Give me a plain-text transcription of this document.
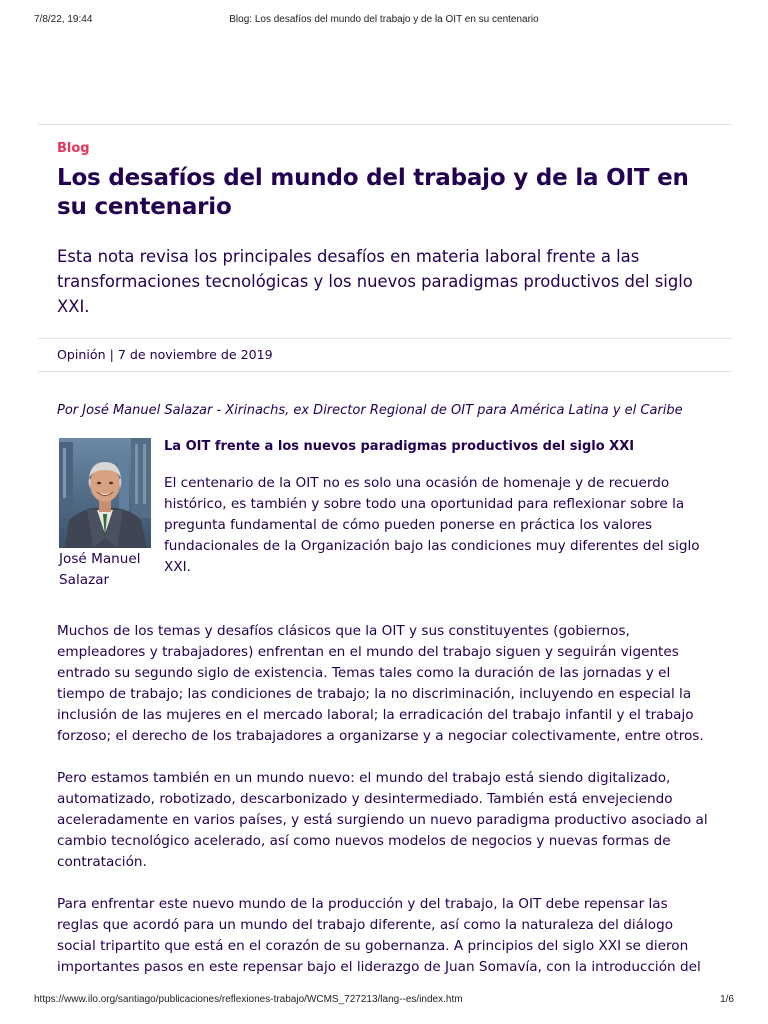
7/8/22, 19:44	Blog: Los desafíos del mundo del trabajo y de la OIT en su centenario
Blog
Los desafíos del mundo del trabajo y de la OIT en su centenario

Esta nota revisa los principales desafíos en materia laboral frente a las transformaciones tecnológicas y los nuevos paradigmas productivos del siglo XXI.

Opinión | 7 de noviembre de 2019
Por José Manuel Salazar - Xirinachs, ex Director Regional de OIT para América Latina y el Caribe
José Manuel Salazar
La OIT frente a los nuevos paradigmas productivos del siglo XXI

El centenario de la OIT no es solo una ocasión de homenaje y de recuerdo histórico, es también y sobre todo una oportunidad para reflexionar sobre la pregunta fundamental de cómo pueden ponerse en práctica los valores fundacionales de la Organización bajo las condiciones muy diferentes del siglo XXI.

Muchos de los temas y desafíos clásicos que la OIT y sus constituyentes (gobiernos, empleadores y trabajadores) enfrentan en el mundo del trabajo siguen y seguirán vigentes entrado su segundo siglo de existencia. Temas tales como la duración de las jornadas y el tiempo de trabajo; las condiciones de trabajo; la no discriminación, incluyendo en especial la inclusión de las mujeres en el mercado laboral; la erradicación del trabajo infantil y el trabajo forzoso; el derecho de los trabajadores a organizarse y a negociar colectivamente, entre otros.

Pero estamos también en un mundo nuevo: el mundo del trabajo está siendo digitalizado, automatizado, robotizado, descarbonizado y desintermediado. También está envejeciendo aceleradamente en varios países, y está surgiendo un nuevo paradigma productivo asociado al cambio tecnológico acelerado, así como nuevos modelos de negocios y nuevas formas de contratación.

Para enfrentar este nuevo mundo de la producción y del trabajo, la OIT debe repensar las reglas que acordó para un mundo del trabajo diferente, así como la naturaleza del diálogo social tripartito que está en el corazón de su gobernanza. A principios del siglo XXI se dieron importantes pasos en este repensar bajo el liderazgo de Juan Somavía, con la introducción del

https://www.ilo.org/santiago/publicaciones/reflexiones-trabajo/WCMS_727213/lang--es/index.htm	1/6
